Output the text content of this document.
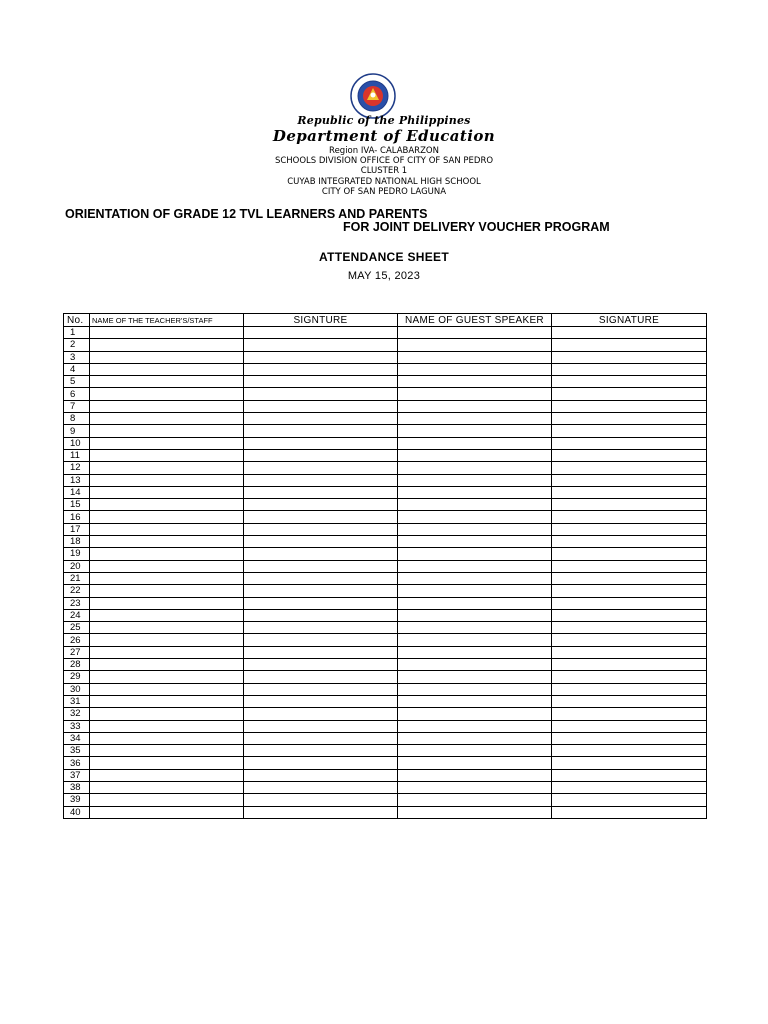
Republic of the Philippines
Department of Education
Region IVA- CALABARZON
SCHOOLS DIVISION OFFICE OF CITY OF SAN PEDRO
CLUSTER 1
CUYAB INTEGRATED NATIONAL HIGH SCHOOL
CITY OF SAN PEDRO LAGUNA
ORIENTATION OF GRADE 12 TVL LEARNERS AND PARENTS
FOR JOINT DELIVERY VOUCHER PROGRAM
ATTENDANCE SHEET
MAY 15, 2023
No.	NAME OF THE TEACHER'S/STAFF	SIGNTURE	NAME OF GUEST SPEAKER	SIGNATURE
1				
2				
3				
4				
5				
6				
7				
8				
9				
10				
11				
12				
13				
14				
15				
16				
17				
18				
19				
20				
21				
22				
23				
24				
25				
26				
27				
28				
29				
30				
31				
32				
33				
34				
35				
36				
37				
38				
39				
40				
